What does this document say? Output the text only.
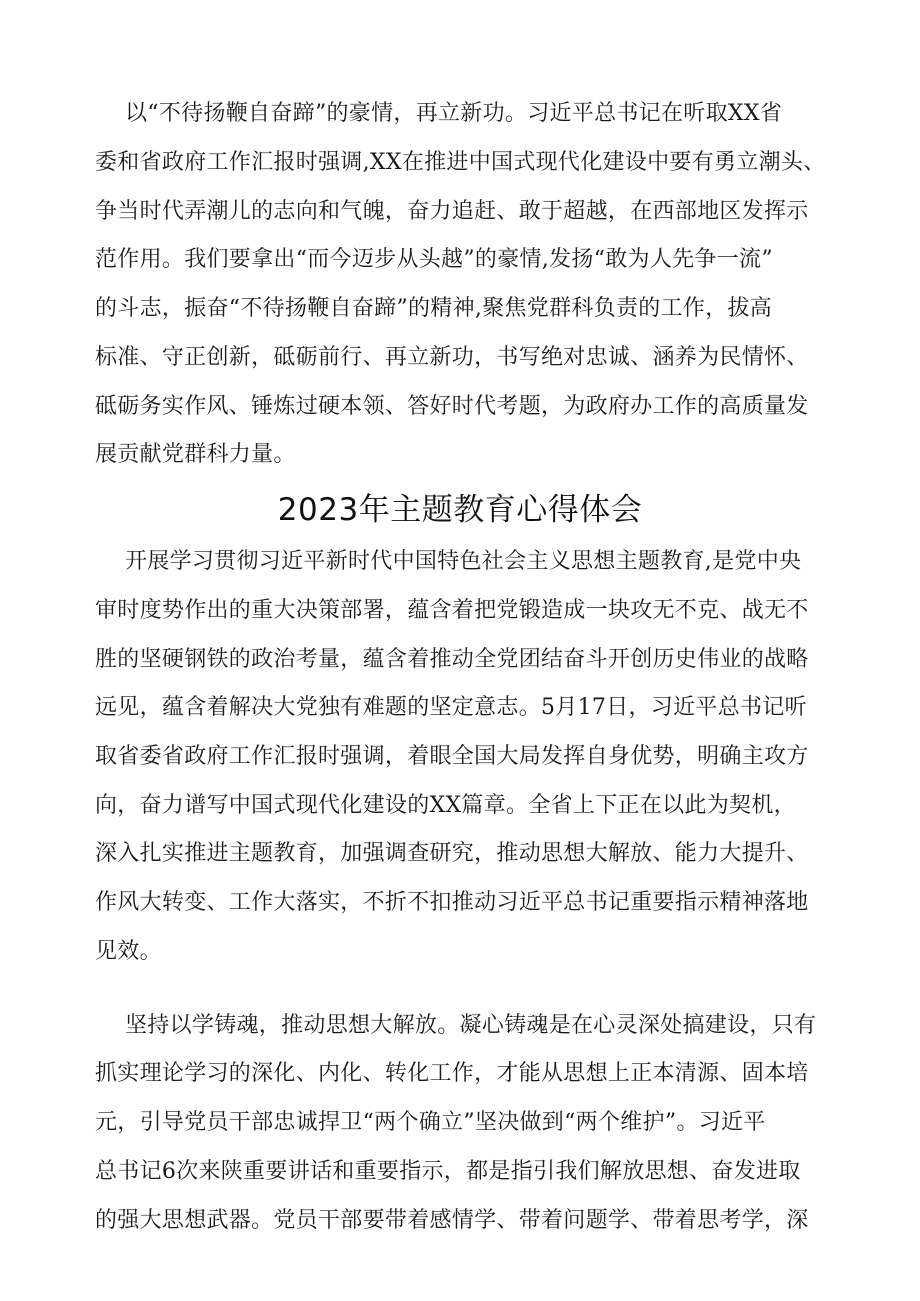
以“不待扬鞭自奋蹄”的豪情，再立新功。习近平总书记在听取XX省
委和省政府工作汇报时强调,XX在推进中国式现代化建设中要有勇立潮头、
争当时代弄潮儿的志向和气魄，奋力追赶、敢于超越，在西部地区发挥示
范作用。我们要拿出“而今迈步从头越”的豪情,发扬“敢为人先争一流”
的斗志，振奋“不待扬鞭自奋蹄”的精神,聚焦党群科负责的工作，拔高
标准、守正创新，砥砺前行、再立新功，书写绝对忠诚、涵养为民情怀、
砥砺务实作风、锤炼过硬本领、答好时代考题，为政府办工作的高质量发
展贡献党群科力量。
2023年主题教育心得体会
开展学习贯彻习近平新时代中国特色社会主义思想主题教育,是党中央
审时度势作出的重大决策部署，蕴含着把党锻造成一块攻无不克、战无不
胜的坚硬钢铁的政治考量，蕴含着推动全党团结奋斗开创历史伟业的战略
远见，蕴含着解决大党独有难题的坚定意志。5月17日，习近平总书记听
取省委省政府工作汇报时强调，着眼全国大局发挥自身优势，明确主攻方
向，奋力谱写中国式现代化建设的XX篇章。全省上下正在以此为契机，
深入扎实推进主题教育，加强调查研究，推动思想大解放、能力大提升、
作风大转变、工作大落实，不折不扣推动习近平总书记重要指示精神落地
见效。
坚持以学铸魂，推动思想大解放。凝心铸魂是在心灵深处搞建设，只有
抓实理论学习的深化、内化、转化工作，才能从思想上正本清源、固本培
元，引导党员干部忠诚捍卫“两个确立”坚决做到“两个维护”。习近平
总书记6次来陕重要讲话和重要指示，都是指引我们解放思想、奋发进取
的强大思想武器。党员干部要带着感情学、带着问题学、带着思考学，深
